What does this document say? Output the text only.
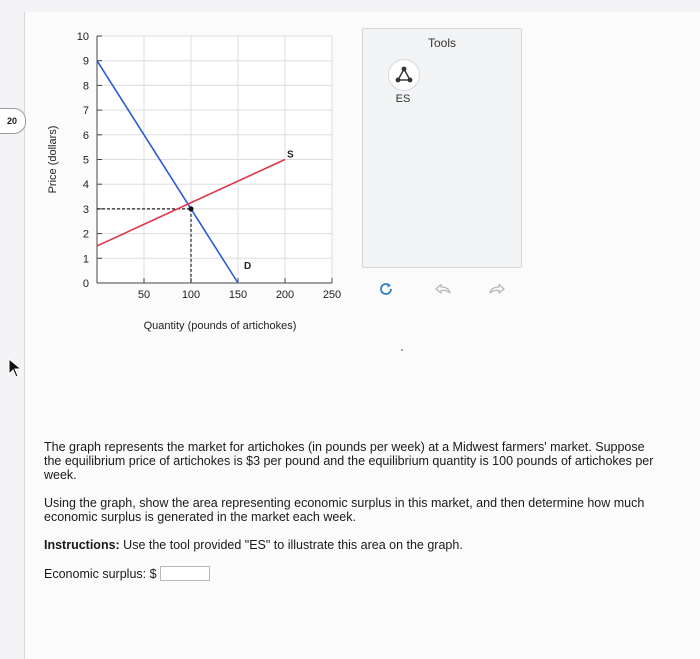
20
0
1
2
3
4
5
6
7
8
9
10
50	100	150	200	250
Price (dollars)
Quantity (pounds of artichokes)
D
S
Tools
ES

The graph represents the market for artichokes (in pounds per week) at a Midwest farmers' market. Suppose the equilibrium price of artichokes is $3 per pound and the equilibrium quantity is 100 pounds of artichokes per week.

Using the graph, show the area representing economic surplus in this market, and then determine how much economic surplus is generated in the market each week.

Instructions: Use the tool provided "ES" to illustrate this area on the graph.

Economic surplus: $
